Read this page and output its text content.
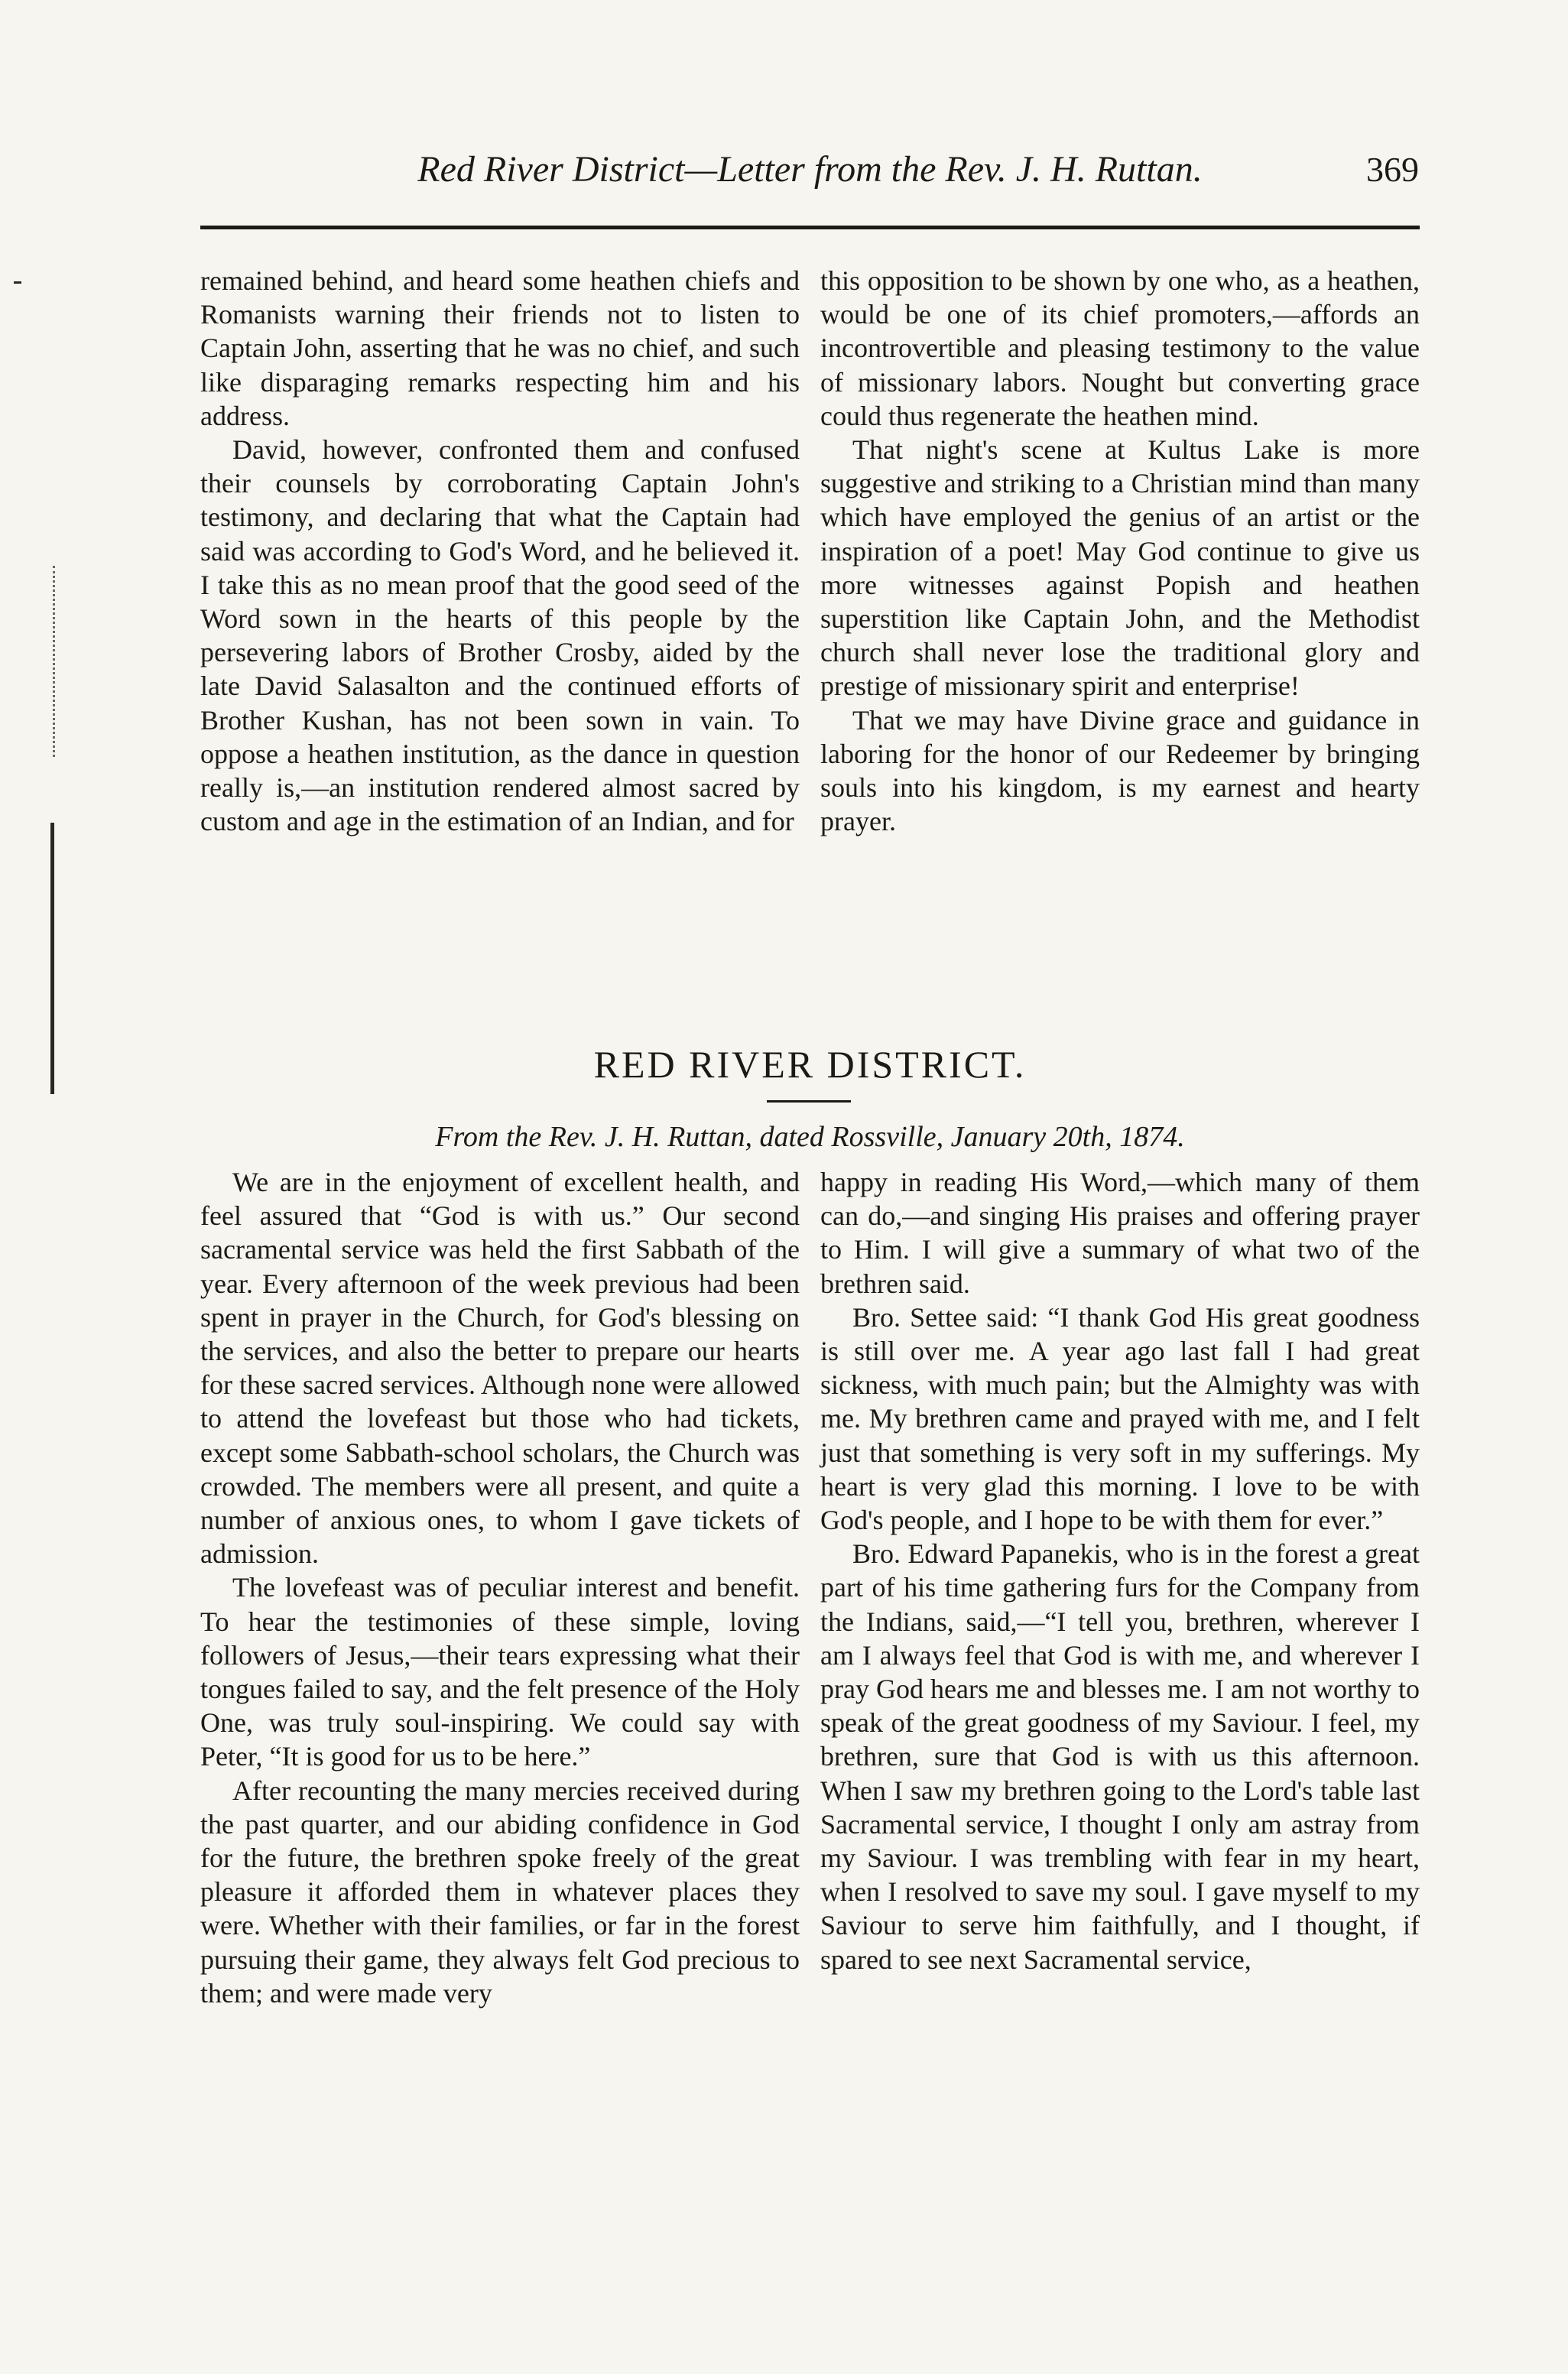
Red River District—Letter from the Rev. J. H. Ruttan.	369

remained behind, and heard some heathen chiefs and Romanists warning their friends not to listen to Captain John, asserting that he was no chief, and such like disparaging remarks respecting him and his address.

David, however, confronted them and confused their counsels by corroborating Captain John's testimony, and declaring that what the Captain had said was according to God's Word, and he believed it. I take this as no mean proof that the good seed of the Word sown in the hearts of this people by the persevering labors of Brother Crosby, aided by the late David Salasalton and the continued efforts of Brother Kushan, has not been sown in vain. To oppose a heathen institution, as the dance in question really is,—an institution rendered almost sacred by custom and age in the estimation of an Indian, and for

this opposition to be shown by one who, as a heathen, would be one of its chief promoters,—affords an incontrovertible and pleasing testimony to the value of missionary labors. Nought but converting grace could thus regenerate the heathen mind.

That night's scene at Kultus Lake is more suggestive and striking to a Christian mind than many which have employed the genius of an artist or the inspiration of a poet! May God continue to give us more witnesses against Popish and heathen superstition like Captain John, and the Methodist church shall never lose the traditional glory and prestige of missionary spirit and enterprise!

That we may have Divine grace and guidance in laboring for the honor of our Redeemer by bringing souls into his kingdom, is my earnest and hearty prayer.

RED RIVER DISTRICT.
From the Rev. J. H. Ruttan, dated Rossville, January 20th, 1874.

We are in the enjoyment of excellent health, and feel assured that “God is with us.” Our second sacramental service was held the first Sabbath of the year. Every afternoon of the week previous had been spent in prayer in the Church, for God's blessing on the services, and also the better to prepare our hearts for these sacred services. Although none were allowed to attend the lovefeast but those who had tickets, except some Sabbath-school scholars, the Church was crowded. The members were all present, and quite a number of anxious ones, to whom I gave tickets of admission.

The lovefeast was of peculiar interest and benefit. To hear the testimonies of these simple, loving followers of Jesus,—their tears expressing what their tongues failed to say, and the felt presence of the Holy One, was truly soul-inspiring. We could say with Peter, “It is good for us to be here.”

After recounting the many mercies received during the past quarter, and our abiding confidence in God for the future, the brethren spoke freely of the great pleasure it afforded them in whatever places they were. Whether with their families, or far in the forest pursuing their game, they always felt God precious to them; and were made very

happy in reading His Word,—which many of them can do,—and singing His praises and offering prayer to Him. I will give a summary of what two of the brethren said.

Bro. Settee said: “I thank God His great goodness is still over me. A year ago last fall I had great sickness, with much pain; but the Almighty was with me. My brethren came and prayed with me, and I felt just that something is very soft in my sufferings. My heart is very glad this morning. I love to be with God's people, and I hope to be with them for ever.”

Bro. Edward Papanekis, who is in the forest a great part of his time gathering furs for the Company from the Indians, said,—“I tell you, brethren, wherever I am I always feel that God is with me, and wherever I pray God hears me and blesses me. I am not worthy to speak of the great goodness of my Saviour. I feel, my brethren, sure that God is with us this afternoon. When I saw my brethren going to the Lord's table last Sacramental service, I thought I only am astray from my Saviour. I was trembling with fear in my heart, when I resolved to save my soul. I gave myself to my Saviour to serve him faithfully, and I thought, if spared to see next Sacramental service,
